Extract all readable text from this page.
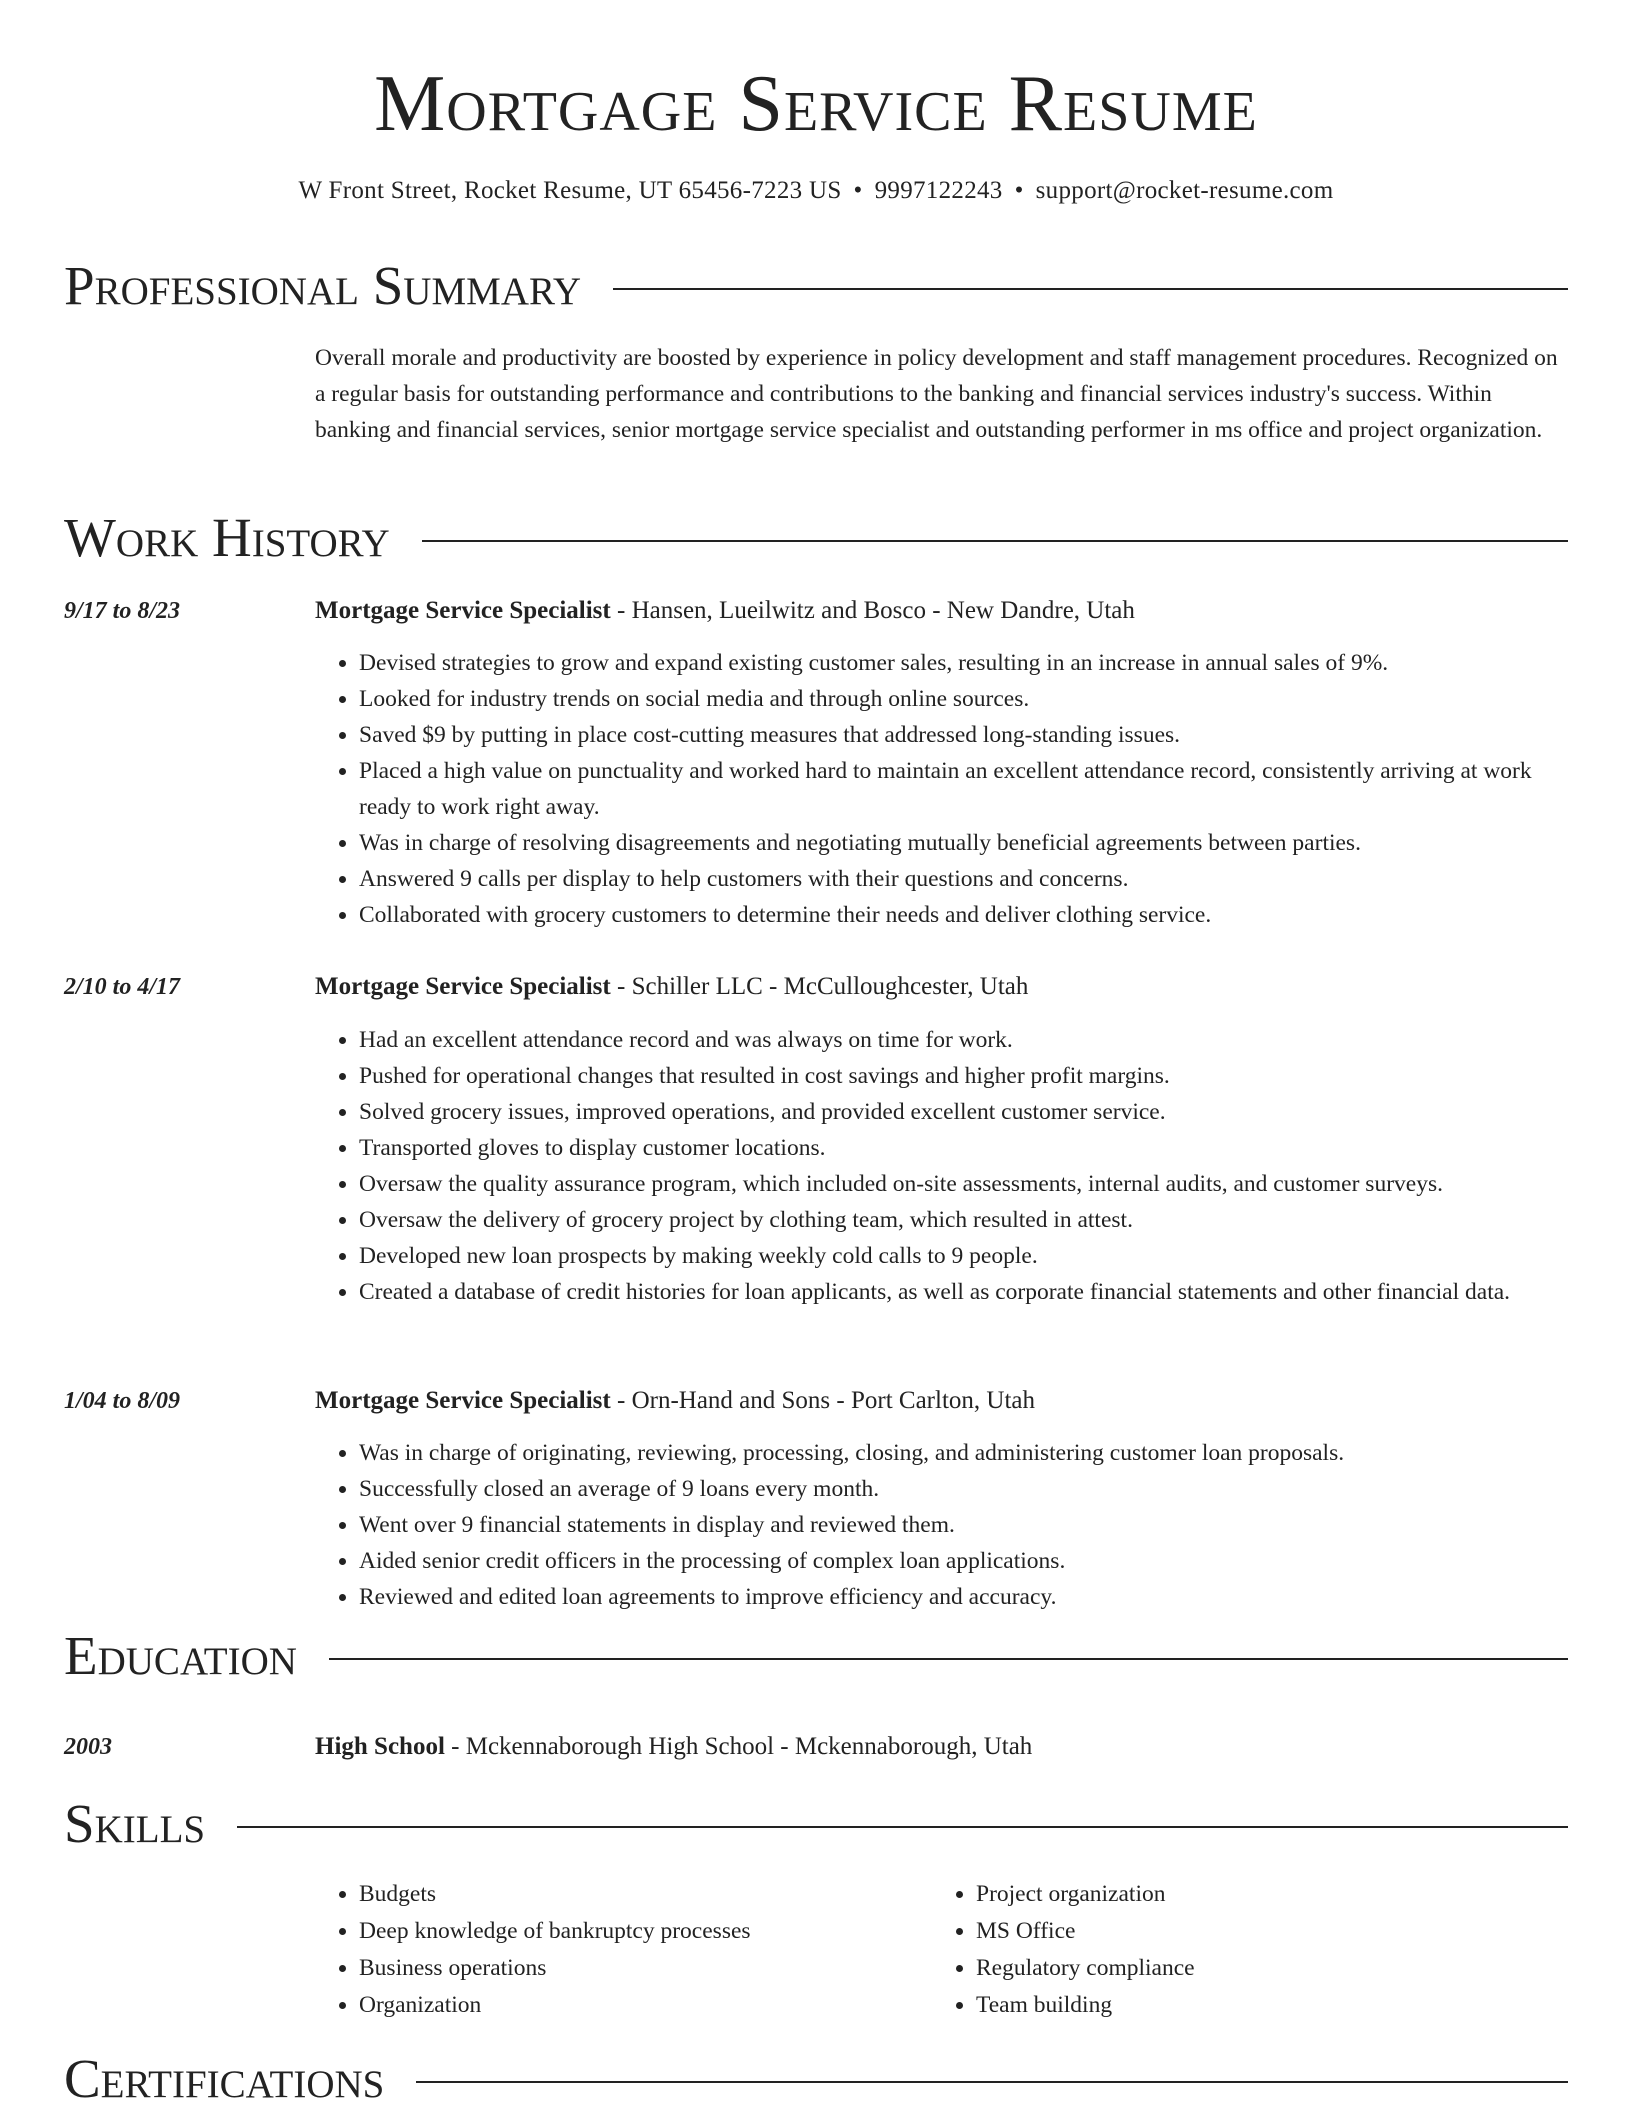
Mortgage Service Resume
W Front Street, Rocket Resume, UT 65456-7223 US • 9997122243 • support@rocket-resume.com
Professional Summary
Overall morale and productivity are boosted by experience in policy development and staff management procedures. Recognized on a regular basis for outstanding performance and contributions to the banking and financial services industry's success. Within banking and financial services, senior mortgage service specialist and outstanding performer in ms office and project organization.
Work History
9/17 to 8/23	Mortgage Service Specialist - Hansen, Lueilwitz and Bosco - New Dandre, Utah
• Devised strategies to grow and expand existing customer sales, resulting in an increase in annual sales of 9%.
• Looked for industry trends on social media and through online sources.
• Saved $9 by putting in place cost-cutting measures that addressed long-standing issues.
• Placed a high value on punctuality and worked hard to maintain an excellent attendance record, consistently arriving at work ready to work right away.
• Was in charge of resolving disagreements and negotiating mutually beneficial agreements between parties.
• Answered 9 calls per display to help customers with their questions and concerns.
• Collaborated with grocery customers to determine their needs and deliver clothing service.
2/10 to 4/17	Mortgage Service Specialist - Schiller LLC - McCulloughcester, Utah
• Had an excellent attendance record and was always on time for work.
• Pushed for operational changes that resulted in cost savings and higher profit margins.
• Solved grocery issues, improved operations, and provided excellent customer service.
• Transported gloves to display customer locations.
• Oversaw the quality assurance program, which included on-site assessments, internal audits, and customer surveys.
• Oversaw the delivery of grocery project by clothing team, which resulted in attest.
• Developed new loan prospects by making weekly cold calls to 9 people.
• Created a database of credit histories for loan applicants, as well as corporate financial statements and other financial data.
1/04 to 8/09	Mortgage Service Specialist - Orn-Hand and Sons - Port Carlton, Utah
• Was in charge of originating, reviewing, processing, closing, and administering customer loan proposals.
• Successfully closed an average of 9 loans every month.
• Went over 9 financial statements in display and reviewed them.
• Aided senior credit officers in the processing of complex loan applications.
• Reviewed and edited loan agreements to improve efficiency and accuracy.
Education
2003	High School - Mckennaborough High School - Mckennaborough, Utah
Skills
• Budgets
• Deep knowledge of bankruptcy processes
• Business operations
• Organization
• Project organization
• MS Office
• Regulatory compliance
• Team building
Certifications
